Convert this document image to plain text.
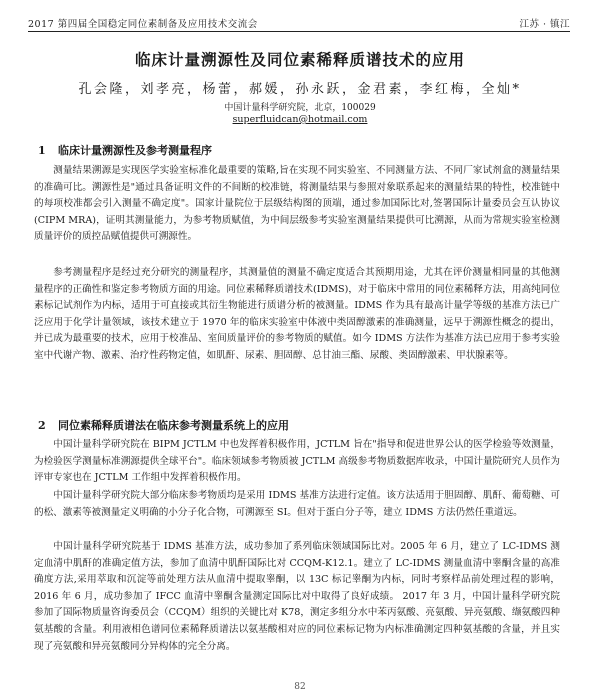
2017 第四届全国稳定同位素制备及应用技术交流会	江苏 · 镇江
临床计量溯源性及同位素稀释质谱技术的应用
孔会隆，刘孝亮，杨蕾，郝媛，孙永跃，金君素，李红梅，全灿*
中国计量科学研究院，北京，100029
superfluidcan@hotmail.com
1 临床计量溯源性及参考测量程序

测量结果溯源是实现医学实验室标准化最重要的策略,旨在实现不同实验室、不同测量方法、不同厂家试剂盒的测量结果的准确可比。溯源性是"通过具备证明文件的不间断的校准链，将测量结果与参照对象联系起来的测量结果的特性，校准链中的每项校准都会引入测量不确定度"。国家计量院位于层级结构图的顶端，通过参加国际比对,签署国际计量委员会互认协议(CIPM MRA)，证明其测量能力，为参考物质赋值，为中间层级参考实验室测量结果提供可比溯源，从而为常规实验室检测质量评价的质控品赋值提供可溯源性。

参考测量程序是经过充分研究的测量程序，其测量值的测量不确定度适合其预期用途，尤其在评价测量相同量的其他测量程序的正确性和鉴定参考物质方面的用途。同位素稀释质谱技术(IDMS)，对于临床中常用的同位素稀释方法，用高纯同位素标记试剂作为内标，适用于可直接或其衍生物能进行质谱分析的被测量。IDMS 作为具有最高计量学等级的基准方法已广泛应用于化学计量领域，该技术建立于 1970 年的临床实验室中体液中类固醇激素的准确测量，远早于溯源性概念的提出，并已成为最重要的技术，应用于校准品、室间质量评价的参考物质的赋值。如今 IDMS 方法作为基准方法已应用于参考实验室中代谢产物、激素、治疗性药物定值，如肌酐、尿素、胆固醇、总甘油三酯、尿酸、类固醇激素、甲状腺素等。

2 同位素稀释质谱法在临床参考测量系统上的应用

中国计量科学研究院在 BIPM JCTLM 中也发挥着积极作用，JCTLM 旨在"指导和促进世界公认的医学检验等效测量，为检验医学测量标准溯源提供全球平台"。临床领域参考物质被 JCTLM 高级参考物质数据库收录，中国计量院研究人员作为评审专家也在 JCTLM 工作组中发挥着积极作用。

中国计量科学研究院大部分临床参考物质均是采用 IDMS 基准方法进行定值。该方法适用于胆固醇、肌酐、葡萄糖、可的松、激素等被测量定义明确的小分子化合物，可溯源至 SI。但对于蛋白分子等，建立 IDMS 方法仍然任重道远。

中国计量科学研究院基于 IDMS 基准方法，成功参加了系列临床领域国际比对。2005 年 6 月，建立了 LC-IDMS 测定血清中肌酐的准确定值方法，参加了血清中肌酐国际比对 CCQM-K12.1。建立了 LC-IDMS 测量血清中睾酮含量的高准确度方法,采用萃取和沉淀等前处理方法从血清中提取睾酮，以 13C 标记睾酮为内标，同时考察样品前处理过程的影响，2016 年 6 月，成功参加了 IFCC 血清中睾酮含量测定国际比对中取得了良好成绩。 2017 年 3 月，中国计量科学研究院参加了国际物质量咨询委员会（CCQM）组织的关键比对 K78，测定多组分水中苯丙氨酸、亮氨酸、异亮氨酸、缬氨酸四种氨基酸的含量。利用液相色谱同位素稀释质谱法以氨基酸相对应的同位素标记物为内标准确测定四种氨基酸的含量，并且实现了亮氨酸和异亮氨酸同分异构体的完全分离。

82
